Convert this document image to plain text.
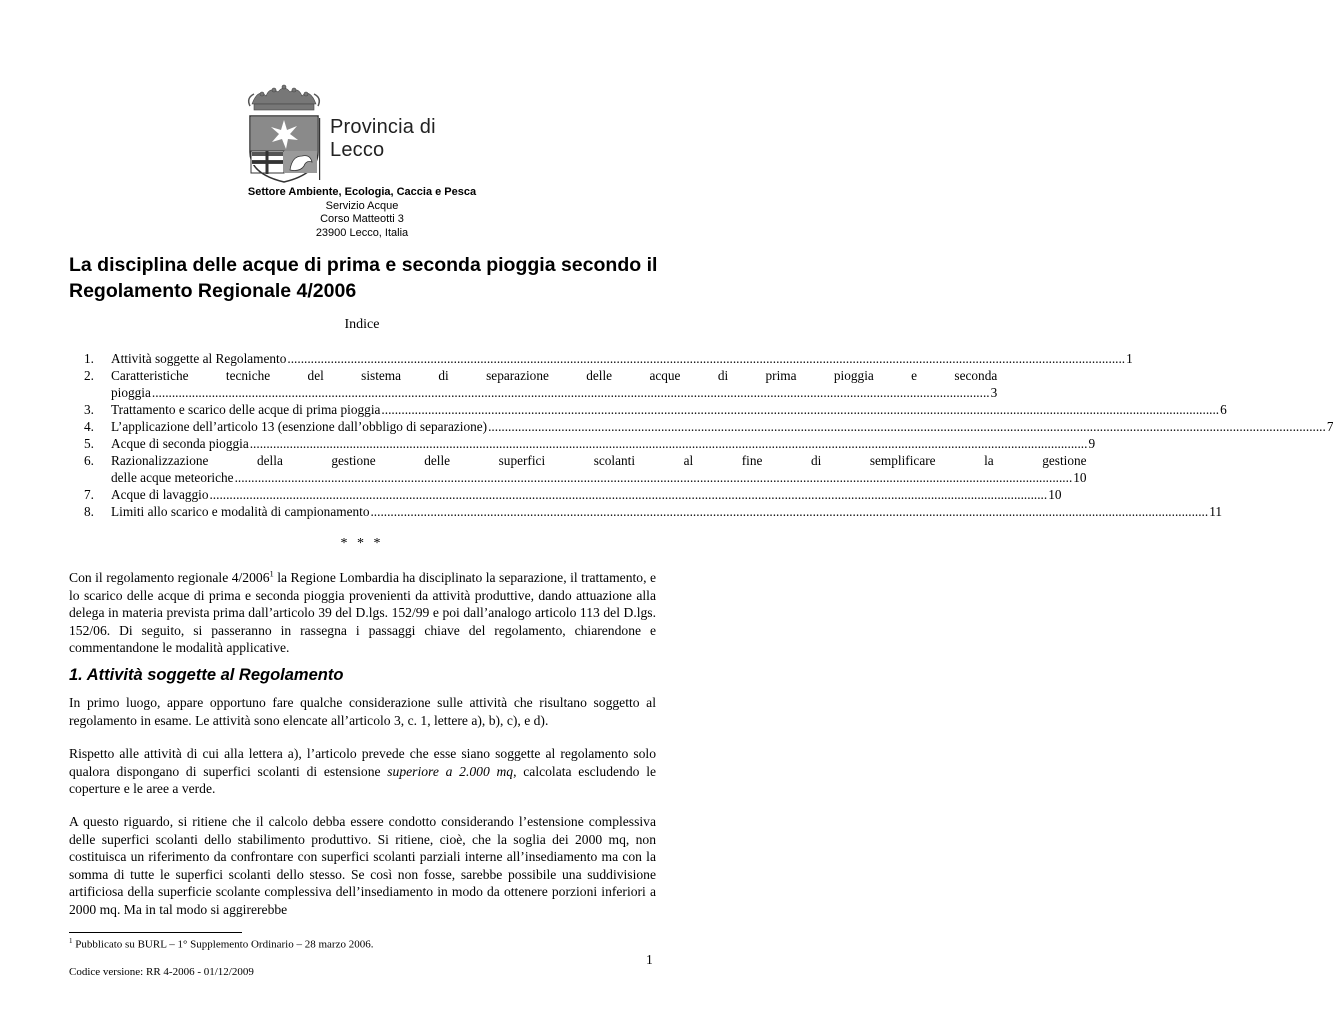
Provincia di Lecco
Settore Ambiente, Ecologia, Caccia e Pesca
Servizio Acque
Corso Matteotti 3
23900 Lecco, Italia
La disciplina delle acque di prima e seconda pioggia secondo il Regolamento Regionale 4/2006
Indice
1.	Attività soggette al Regolamento .....	1
2.	Caratteristiche tecniche del sistema di separazione delle acque di prima pioggia e seconda
pioggia .....	3
3.	Trattamento e scarico delle acque di prima pioggia .....	6
4.	L’applicazione dell’articolo 13 (esenzione dall’obbligo di separazione) .....	7
5.	Acque di seconda pioggia .....	9
6.	Razionalizzazione della gestione delle superfici scolanti al fine di semplificare la gestione
delle acque meteoriche .....	10
7.	Acque di lavaggio .....	10
8.	Limiti allo scarico e modalità di campionamento .....	11
* * *
Con il regolamento regionale 4/2006$^1$ la Regione Lombardia ha disciplinato la separazione, il trattamento, e lo scarico delle acque di prima e seconda pioggia provenienti da attività produttive, dando attuazione alla delega in materia prevista prima dall’articolo 39 del D.lgs. 152/99 e poi dall’analogo articolo 113 del D.lgs. 152/06. Di seguito, si passeranno in rassegna i passaggi chiave del regolamento, chiarendone e commentandone le modalità applicative.
1. Attività soggette al Regolamento
In primo luogo, appare opportuno fare qualche considerazione sulle attività che risultano soggetto al regolamento in esame. Le attività sono elencate all’articolo 3, c. 1, lettere a), b), c), e d).
Rispetto alle attività di cui alla lettera a), l’articolo prevede che esse siano soggette al regolamento solo qualora dispongano di superfici scolanti di estensione superiore a 2.000 mq, calcolata escludendo le coperture e le aree a verde.
A questo riguardo, si ritiene che il calcolo debba essere condotto considerando l’estensione complessiva delle superfici scolanti dello stabilimento produttivo. Si ritiene, cioè, che la soglia dei 2000 mq, non costituisca un riferimento da confrontare con superfici scolanti parziali interne all’insediamento ma con la somma di tutte le superfici scolanti dello stesso. Se così non fosse, sarebbe possibile una suddivisione artificiosa della superficie scolante complessiva dell’insediamento in modo da ottenere porzioni inferiori a 2000 mq. Ma in tal modo si aggirerebbe
$^1$ Pubblicato su BURL – 1° Supplemento Ordinario – 28 marzo 2006.
1
Codice versione: RR 4-2006 - 01/12/2009
